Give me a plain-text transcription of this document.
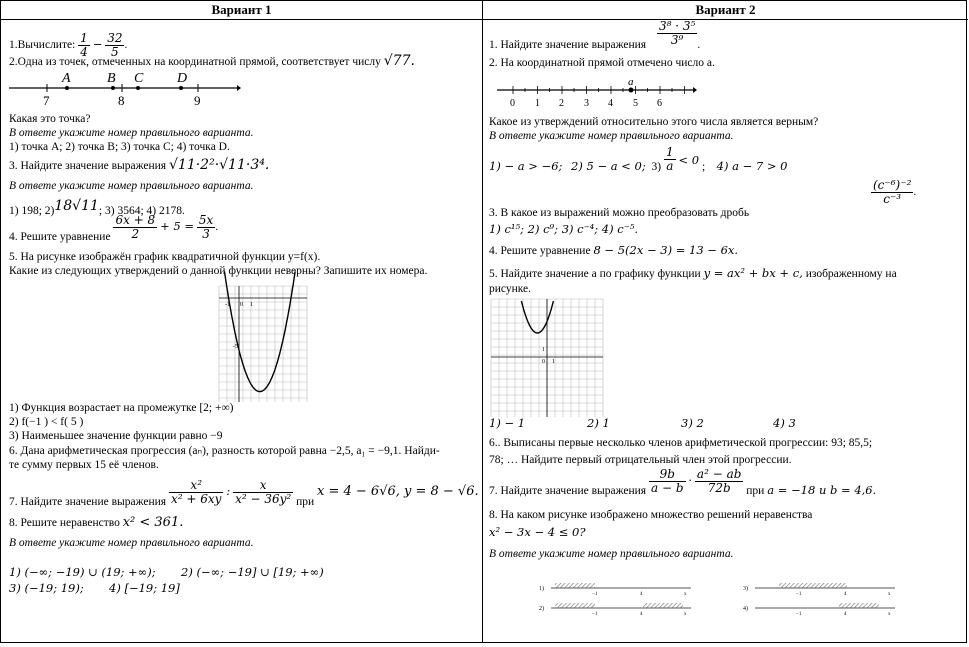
Вариант 1
1.Вычислите: $\frac{1}{4} - \frac{32}{5}$ .
2.Одна из точек, отмеченных на координатной прямой, соответствует числу √77.
A	B C D
7	8	9
Какая это точка?
В ответе укажите номер правильного варианта.
1) точка A; 2) точка B; 3) точка C; 4) точка D.
3. Найдите значение выражения √11·2²·√11·3⁴.
В ответе укажите номер правильного варианта.
1) 198; 2)18√11; 3) 3564; 4) 2178.
4. Решите уравнение $\frac{6x + 8}{2} + 5 = \frac{5x}{3}$ .
5. На рисунке изображён график квадратичной функции y=f(x).
Какие из следующих утверждений о данной функции неверны? Запишите их номера.
-1 0 1
-5
1) Функция возрастает на промежутке [2; +∞)
2) f(−1 ) < f( 5 )
3) Наименьшее значение функции равно −9
6. Дана арифметическая прогрессия (aₙ), разность которой равна −2,5, a₁ = −9,1. Найди-
те сумму первых 15 её членов.
7. Найдите значение выражения $\frac{\text{x²}}{\text{x² + 6xy}}$ : $\frac{x}{\text{x² − 36y²}}$ при x = 4 − 6√6, y = 8 − √6.
8. Решите неравенство x² < 361.
В ответе укажите номер правильного варианта.
1) (−∞; −19) ∪ (19; +∞); 2) (−∞; −19] ∪ [19; +∞)
3) (−19; 19); 4) [−19; 19]
Вариант 2
1. Найдите значение выражения $\frac{\text{3⁸ · 3⁵}}{\text{3⁹}}$ .
2. На координатной прямой отмечено число a.
a
0 1 2 3 4 5 6
Какое из утверждений относительно этого числа является верным?
В ответе укажите номер правильного варианта.
1) − a > −6; 2) 5 − a < 0; $3) \frac{1}{a} < 0$ ; 4) a − 7 > 0
3. В какое из выражений можно преобразовать дробь
$\frac{\text{(c⁻⁶)⁻²}}{\text{c⁻³}}$ .
1) c¹⁵; 2) c⁹; 3) c⁻⁴; 4) c⁻⁵.
4. Решите уравнение 8 − 5(2x − 3) = 13 − 6x.
5. Найдите значение a по графику функции y = ax² + bx + c, изображенному на
рисунке.
1
0 1
1) − 1	2) 1	3) 2	4) 3
6.. Выписаны первые несколько членов арифметической прогрессии: 93; 85,5;
78; … Найдите первый отрицательный член этой прогрессии.
7. Найдите значение выражения $\frac{9b}{a - b} \cdot \frac{\text{a² − ab}}{72b}$ при a = −18 и b = 4,6.
8. На каком рисунке изображено множество решений неравенства
x² − 3x − 4 ≤ 0?
В ответе укажите номер правильного варианта.
1)
−1	4	x
2)
−1	4	x
3)
−1	4	x
4)
−1	4	x
